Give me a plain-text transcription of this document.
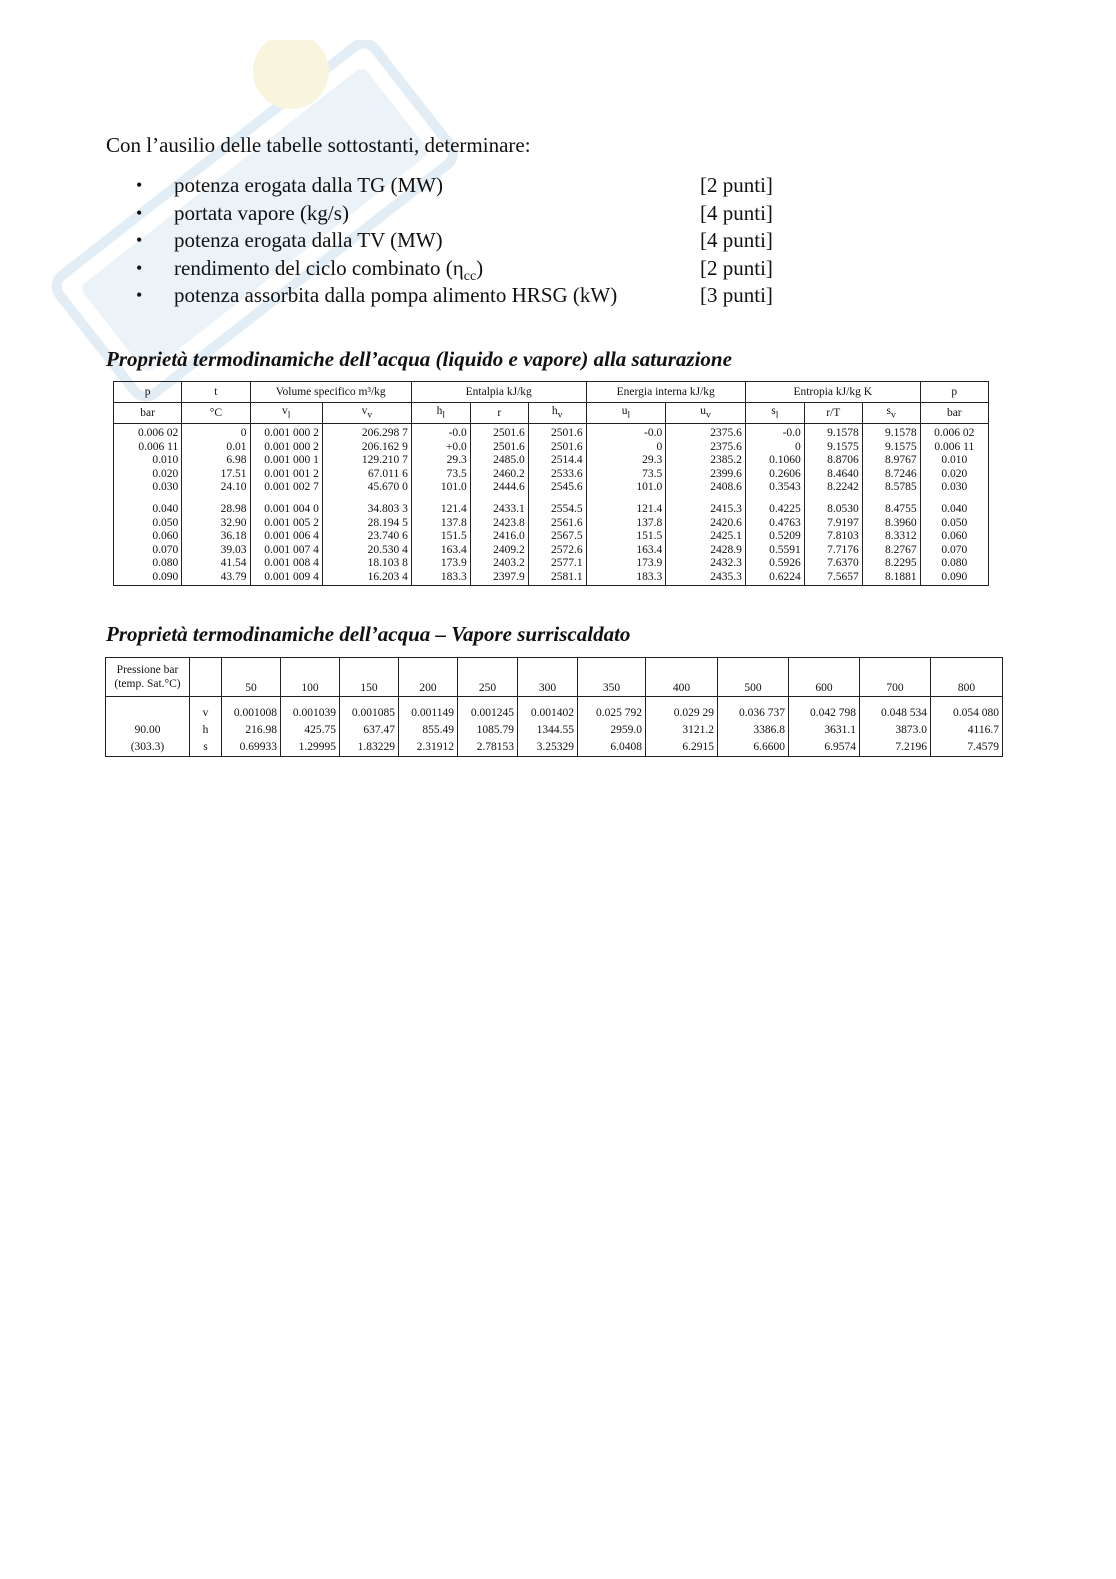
Con l’ausilio delle tabelle sottostanti, determinare:
• potenza erogata dalla TG (MW)	[2 punti]
• portata vapore (kg/s)	[4 punti]
• potenza erogata dalla TV (MW)	[4 punti]
• rendimento del ciclo combinato $(\eta_{cc})$	[2 punti]
• potenza assorbita dalla pompa alimento HRSG (kW)	[3 punti]
Proprietà termodinamiche dell’acqua (liquido e vapore) alla saturazione
p	t	Volume specifico m³/kg		Entalpia kJ/kg			Energia interna kJ/kg		Entropia kJ/kg K			p
bar	°C	$v_l$	$v_v$	$h_l$	r	$h_v$	$u_l$	$u_v$	$s_l$	r/T	$s_v$	bar
0.006 02	0	0.001 000 2	206.298 7	-0.0	2501.6	2501.6	-0.0	2375.6	-0.0	9.1578	9.1578	0.006 02
0.006 11	0.01	0.001 000 2	206.162 9	+0.0	2501.6	2501.6	0	2375.6	0	9.1575	9.1575	0.006 11
0.010	6.98	0.001 000 1	129.210 7	29.3	2485.0	2514.4	29.3	2385.2	0.1060	8.8706	8.9767	0.010
0.020	17.51	0.001 001 2	67.011 6	73.5	2460.2	2533.6	73.5	2399.6	0.2606	8.4640	8.7246	0.020
0.030	24.10	0.001 002 7	45.670 0	101.0	2444.6	2545.6	101.0	2408.6	0.3543	8.2242	8.5785	0.030

0.040	28.98	0.001 004 0	34.803 3	121.4	2433.1	2554.5	121.4	2415.3	0.4225	8.0530	8.4755	0.040
0.050	32.90	0.001 005 2	28.194 5	137.8	2423.8	2561.6	137.8	2420.6	0.4763	7.9197	8.3960	0.050
0.060	36.18	0.001 006 4	23.740 6	151.5	2416.0	2567.5	151.5	2425.1	0.5209	7.8103	8.3312	0.060
0.070	39.03	0.001 007 4	20.530 4	163.4	2409.2	2572.6	163.4	2428.9	0.5591	7.7176	8.2767	0.070
0.080	41.54	0.001 008 4	18.103 8	173.9	2403.2	2577.1	173.9	2432.3	0.5926	7.6370	8.2295	0.080
0.090	43.79	0.001 009 4	16.203 4	183.3	2397.9	2581.1	183.3	2435.3	0.6224	7.5657	8.1881	0.090
Proprietà termodinamiche dell’acqua – Vapore surriscaldato
Pressione bar
(temp. Sat.°C)		50	100	150	200	250	300	350	400	500	600	700	800

	v	0.001008	0.001039	0.001085	0.001149	0.001245	0.001402	0.025 792	0.029 29	0.036 737	0.042 798	0.048 534	0.054 080
90.00	h	216.98	425.75	637.47	855.49	1085.79	1344.55	2959.0	3121.2	3386.8	3631.1	3873.0	4116.7
(303.3)	s	0.69933	1.29995	1.83229	2.31912	2.78153	3.25329	6.0408	6.2915	6.6600	6.9574	7.2196	7.4579
